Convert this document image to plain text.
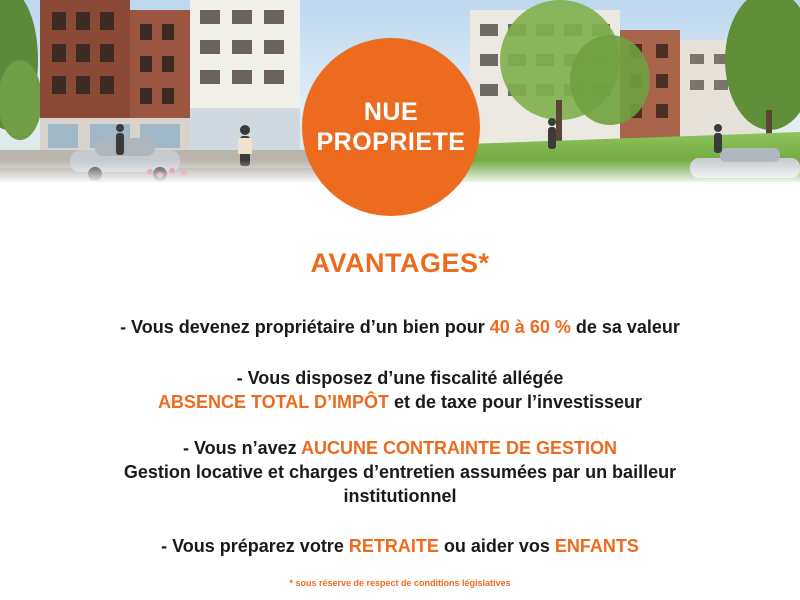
NUE
PROPRIETE
AVANTAGES*
- Vous devenez propriétaire d’un bien pour 40 à 60 % de sa valeur
- Vous disposez d’une fiscalité allégée
ABSENCE TOTAL D’IMPÔT et de taxe pour l’investisseur
- Vous n’avez AUCUNE CONTRAINTE DE GESTION
Gestion locative et charges d’entretien assumées par un bailleur
institutionnel
- Vous préparez votre RETRAITE ou aider vos ENFANTS
* sous réserve de respect de conditions législatives
